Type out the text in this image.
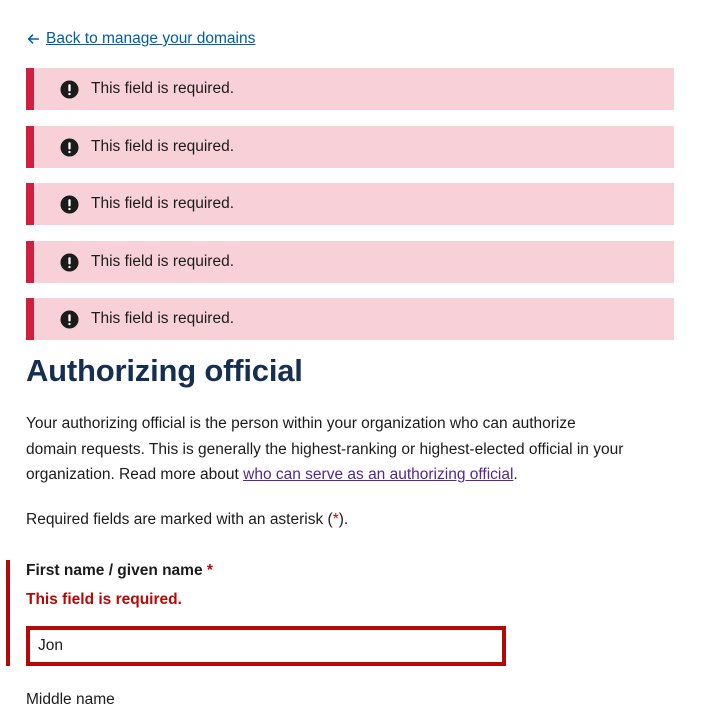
Back to manage your domains
This field is required.
This field is required.
This field is required.
This field is required.
This field is required.
Authorizing official

Your authorizing official is the person within your organization who can authorize domain requests. This is generally the highest-ranking or highest-elected official in your organization. Read more about who can serve as an authorizing official.

Required fields are marked with an asterisk (*).

First name / given name *
This field is required.
Jon
Middle name
